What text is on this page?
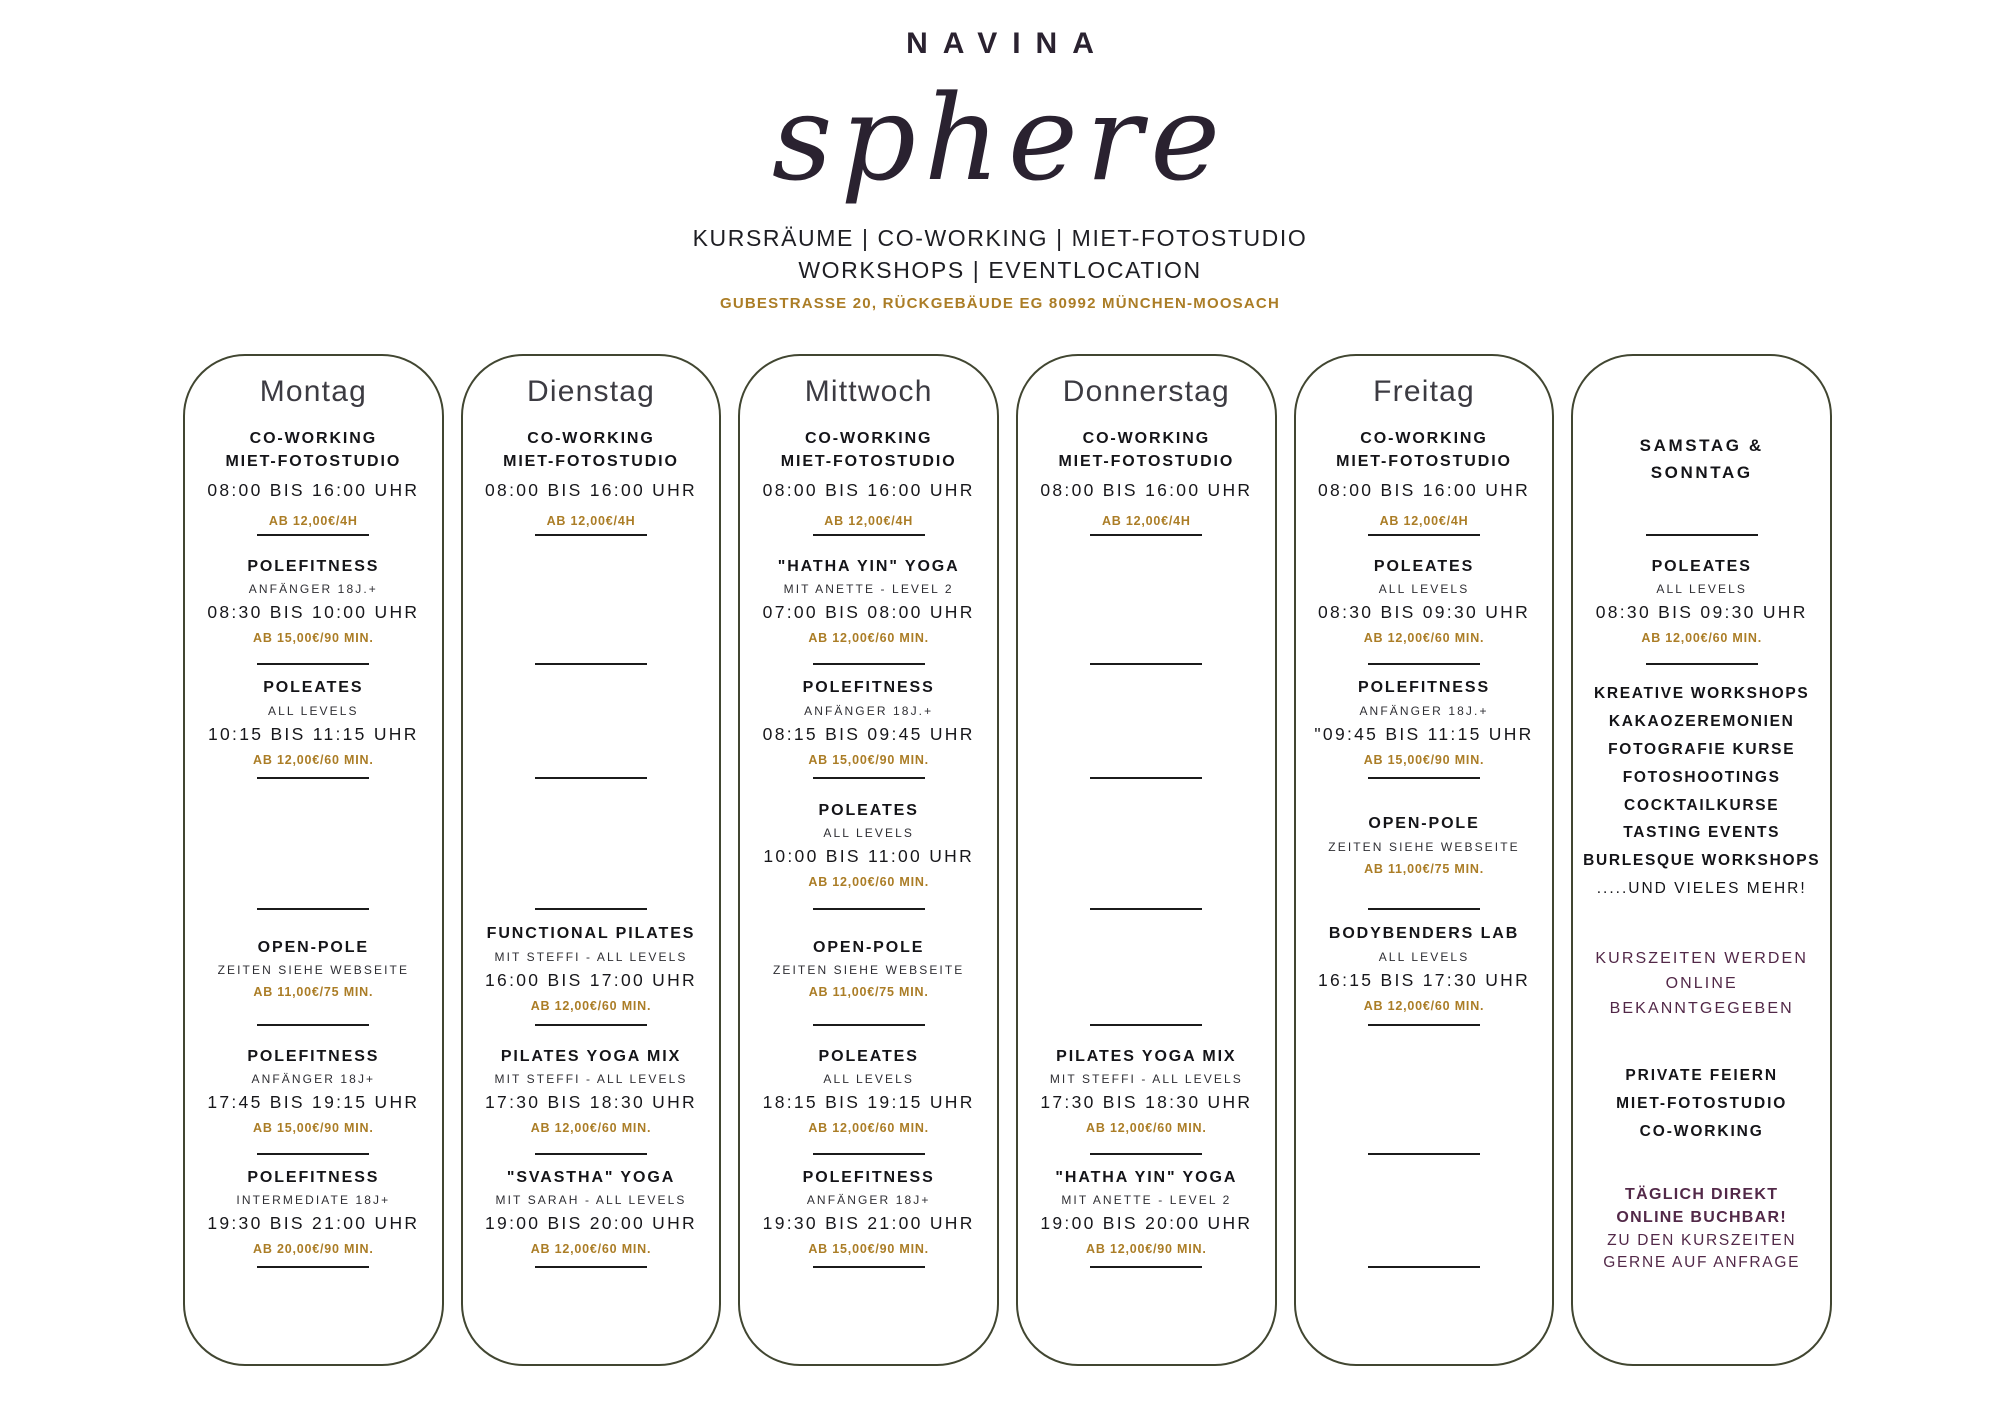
NAVINA
sphere
KURSRÄUME | CO-WORKING | MIET-FOTOSTUDIO
WORKSHOPS | EVENTLOCATION
GUBESTRASSE 20, RÜCKGEBÄUDE EG 80992 MÜNCHEN-MOOSACH
Montag
CO-WORKING
MIET-FOTOSTUDIO
08:00 BIS 16:00 UHR
AB 12,00€/4H
POLEFITNESS
ANFÄNGER 18J.+
08:30 BIS 10:00 UHR
AB 15,00€/90 MIN.
POLEATES
ALL LEVELS
10:15 BIS 11:15 UHR
AB 12,00€/60 MIN.
OPEN-POLE
ZEITEN SIEHE WEBSEITE
AB 11,00€/75 MIN.
POLEFITNESS
ANFÄNGER 18J+
17:45 BIS 19:15 UHR
AB 15,00€/90 MIN.
POLEFITNESS
INTERMEDIATE 18J+
19:30 BIS 21:00 UHR
AB 20,00€/90 MIN.
Dienstag
CO-WORKING
MIET-FOTOSTUDIO
08:00 BIS 16:00 UHR
AB 12,00€/4H
FUNCTIONAL PILATES
MIT STEFFI - ALL LEVELS
16:00 BIS 17:00 UHR
AB 12,00€/60 MIN.
PILATES YOGA MIX
MIT STEFFI - ALL LEVELS
17:30 BIS 18:30 UHR
AB 12,00€/60 MIN.
"SVASTHA" YOGA
MIT SARAH - ALL LEVELS
19:00 BIS 20:00 UHR
AB 12,00€/60 MIN.
Mittwoch
CO-WORKING
MIET-FOTOSTUDIO
08:00 BIS 16:00 UHR
AB 12,00€/4H
"HATHA YIN" YOGA
MIT ANETTE - LEVEL 2
07:00 BIS 08:00 UHR
AB 12,00€/60 MIN.
POLEFITNESS
ANFÄNGER 18J.+
08:15 BIS 09:45 UHR
AB 15,00€/90 MIN.
POLEATES
ALL LEVELS
10:00 BIS 11:00 UHR
AB 12,00€/60 MIN.
OPEN-POLE
ZEITEN SIEHE WEBSEITE
AB 11,00€/75 MIN.
POLEATES
ALL LEVELS
18:15 BIS 19:15 UHR
AB 12,00€/60 MIN.
POLEFITNESS
ANFÄNGER 18J+
19:30 BIS 21:00 UHR
AB 15,00€/90 MIN.
Donnerstag
CO-WORKING
MIET-FOTOSTUDIO
08:00 BIS 16:00 UHR
AB 12,00€/4H
PILATES YOGA MIX
MIT STEFFI - ALL LEVELS
17:30 BIS 18:30 UHR
AB 12,00€/60 MIN.
"HATHA YIN" YOGA
MIT ANETTE - LEVEL 2
19:00 BIS 20:00 UHR
AB 12,00€/90 MIN.
Freitag
CO-WORKING
MIET-FOTOSTUDIO
08:00 BIS 16:00 UHR
AB 12,00€/4H
POLEATES
ALL LEVELS
08:30 BIS 09:30 UHR
AB 12,00€/60 MIN.
POLEFITNESS
ANFÄNGER 18J.+
"09:45 BIS 11:15 UHR
AB 15,00€/90 MIN.
OPEN-POLE
ZEITEN SIEHE WEBSEITE
AB 11,00€/75 MIN.
BODYBENDERS LAB
ALL LEVELS
16:15 BIS 17:30 UHR
AB 12,00€/60 MIN.
SAMSTAG &
SONNTAG
POLEATES
ALL LEVELS
08:30 BIS 09:30 UHR
AB 12,00€/60 MIN.
KREATIVE WORKSHOPS
KAKAOZEREMONIEN
FOTOGRAFIE KURSE
FOTOSHOOTINGS
COCKTAILKURSE
TASTING EVENTS
BURLESQUE WORKSHOPS
.....UND VIELES MEHR!
KURSZEITEN WERDEN
ONLINE
BEKANNTGEGEBEN
PRIVATE FEIERN
MIET-FOTOSTUDIO
CO-WORKING
TÄGLICH DIREKT
ONLINE BUCHBAR!
ZU DEN KURSZEITEN
GERNE AUF ANFRAGE
